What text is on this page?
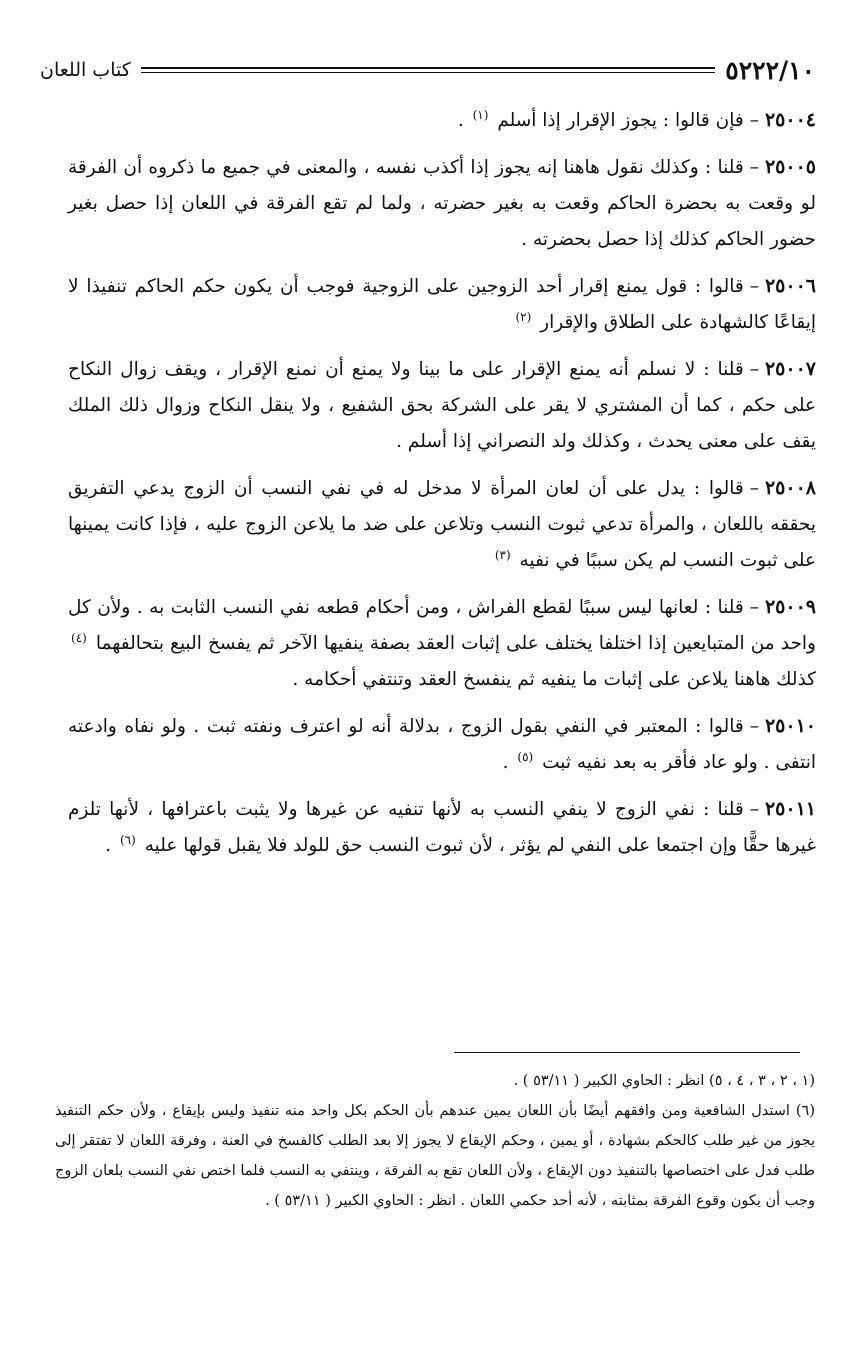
٥٢٢٢/١٠
كتاب اللعان

٢٥٠٠٤–فإن قالوا : يجوز الإقرار إذا أسلم $^{(١)}$ .

٢٥٠٠٥–قلنا : وكذلك نقول هاهنا إنه يجوز إذا أكذب نفسه ، والمعنى في جميع ما ذكروه أن الفرقة لو وقعت به بحضرة الحاكم وقعت به بغير حضرته ، ولما لم تقع الفرقة في اللعان إذا حصل بغير حضور الحاكم كذلك إذا حصل بحضرته .

٢٥٠٠٦–قالوا : قول يمنع إقرار أحد الزوجين على الزوجية فوجب أن يكون حكم الحاكم تنفيذا لا إيقاعًا كالشهادة على الطلاق والإقرار $^{(٢)}$

٢٥٠٠٧–قلنا : لا نسلم أنه يمنع الإقرار على ما بينا ولا يمنع أن نمنع الإقرار ، ويقف زوال النكاح على حكم ، كما أن المشتري لا يقر على الشركة بحق الشفيع ، ولا ينقل النكاح وزوال ذلك الملك يقف على معنى يحدث ، وكذلك ولد النصراني إذا أسلم .

٢٥٠٠٨–قالوا : يدل على أن لعان المرأة لا مدخل له في نفي النسب أن الزوج يدعي التفريق يحققه باللعان ، والمرأة تدعي ثبوت النسب وتلاعن على ضد ما يلاعن الزوج عليه ، فإذا كانت يمينها على ثبوت النسب لم يكن سببًا في نفيه $^{(٣)}$

٢٥٠٠٩–قلنا : لعانها ليس سببًا لقطع الفراش ، ومن أحكام قطعه نفي النسب الثابت به . ولأن كل واحد من المتبايعين إذا اختلفا يختلف على إثبات العقد بصفة ينفيها الآخر ثم يفسخ البيع بتحالفهما $^{(٤)}$ كذلك هاهنا يلاعن على إثبات ما ينفيه ثم ينفسخ العقد وتنتفي أحكامه .

٢٥٠١٠–قالوا : المعتبر في النفي بقول الزوج ، بدلالة أنه لو اعترف ونفته ثبت . ولو نفاه وادعته انتفى . ولو عاد فأقر به بعد نفيه ثبت $^{(٥)}$ .

٢٥٠١١–قلنا : نفي الزوج لا ينفي النسب به لأنها تنفيه عن غيرها ولا يثبت باعترافها ، لأنها تلزم غيرها حقًّا وإن اجتمعا على النفي لم يؤثر ، لأن ثبوت النسب حق للولد فلا يقبل قولها عليه $^{(٦)}$ .

(١ ، ٢ ، ٣ ، ٤ ، ٥) انظر : الحاوي الكبير ( ٥٣/١١ ) .

(٦) استدل الشافعية ومن وافقهم أيضًا بأن اللعان يمين عندهم بأن الحكم بكل واحد منه تنفيذ وليس بإيقاع ، ولأن حكم التنفيذ يجوز من غير طلب كالحكم بشهادة ، أو يمين ، وحكم الإيقاع لا يجوز إلا بعد الطلب كالفسخ في العنة ، وفرقة اللعان لا تفتقر إلى طلب فدل على اختصاصها بالتنفيذ دون الإيقاع ، ولأن اللعان تقع به الفرقة ، وينتفي به النسب فلما اختص نفي النسب بلعان الزوج وجب أن يكون وقوع الفرقة بمثابته ، لأنه أحد حكمي اللعان . انظر : الحاوي الكبير ( ٥٣/١١ ) .
